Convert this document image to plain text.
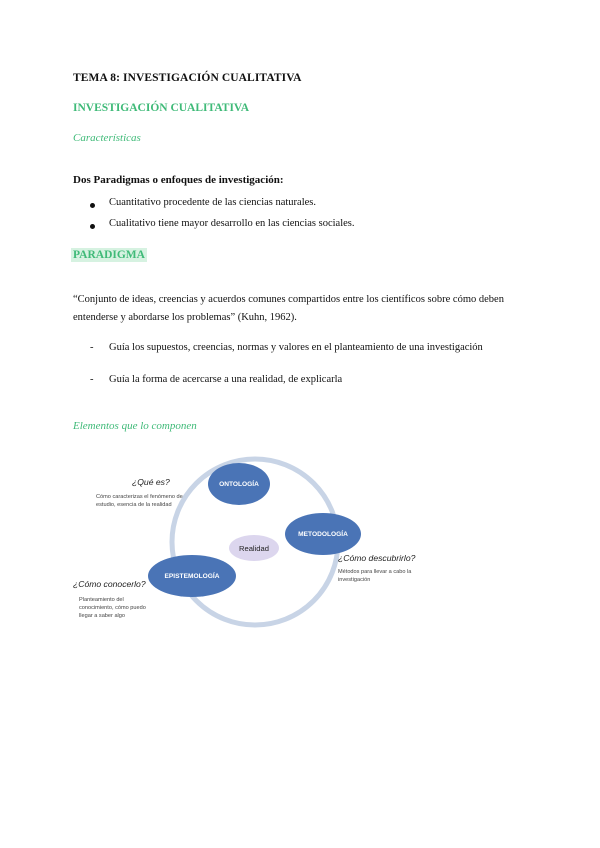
TEMA 8: INVESTIGACIÓN CUALITATIVA
INVESTIGACIÓN CUALITATIVA
Características
Dos Paradigmas o enfoques de investigación:
Cuantitativo procedente de las ciencias naturales.
Cualitativo tiene mayor desarrollo en las ciencias sociales.
PARADIGMA
“Conjunto de ideas, creencias y acuerdos comunes compartidos entre los científicos sobre cómo deben entenderse y abordarse los problemas” (Kuhn, 1962).
- Guía los supuestos, creencias, normas y valores en el planteamiento de una investigación
- Guía la forma de acercarse a una realidad, de explicarla
Elementos que lo componen
Realidad
ONTOLOGÍA
¿Qué es?
Cómo caracterizas el fenómeno de
estudio, esencia de la realidad
METODOLOGÍA
¿Cómo descubrirlo?
Métodos para llevar a cabo la
investigación
EPISTEMOLOGÍA
¿Cómo conocerlo?
Planteamiento del
conocimiento, cómo puedo
llegar a saber algo
